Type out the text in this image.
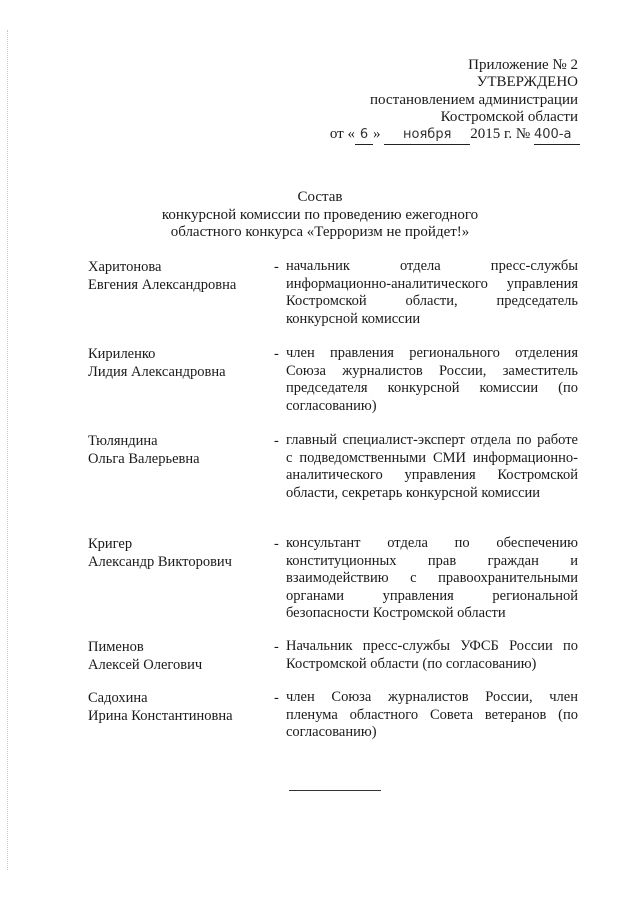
Приложение № 2
УТВЕРЖДЕНО
постановлением администрации
Костромской области
от « 6 » ноября 2015 г. № 400-а
Состав
конкурсной комиссии по проведению ежегодного
областного конкурса «Терроризм не пройдет!»
Харитонова
Евгения Александровна
- начальник отдела пресс-службы информационно-аналитического управления Костромской области, председатель конкурсной комиссии
Кириленко
Лидия Александровна
- член правления регионального отделения Союза журналистов России, заместитель председателя конкурсной комиссии (по согласованию)
Тюляндина
Ольга Валерьевна
- главный специалист-эксперт отдела по работе с подведомственными СМИ информационно-аналитического управления Костромской области, секретарь конкурсной комиссии
Кригер
Александр Викторович
- консультант отдела по обеспечению конституционных прав граждан и взаимодействию с правоохранительными органами управления региональной безопасности Костромской области
Пименов
Алексей Олегович
- Начальник пресс-службы УФСБ России по Костромской области (по согласованию)
Садохина
Ирина Константиновна
- член Союза журналистов России, член пленума областного Совета ветеранов (по согласованию)
